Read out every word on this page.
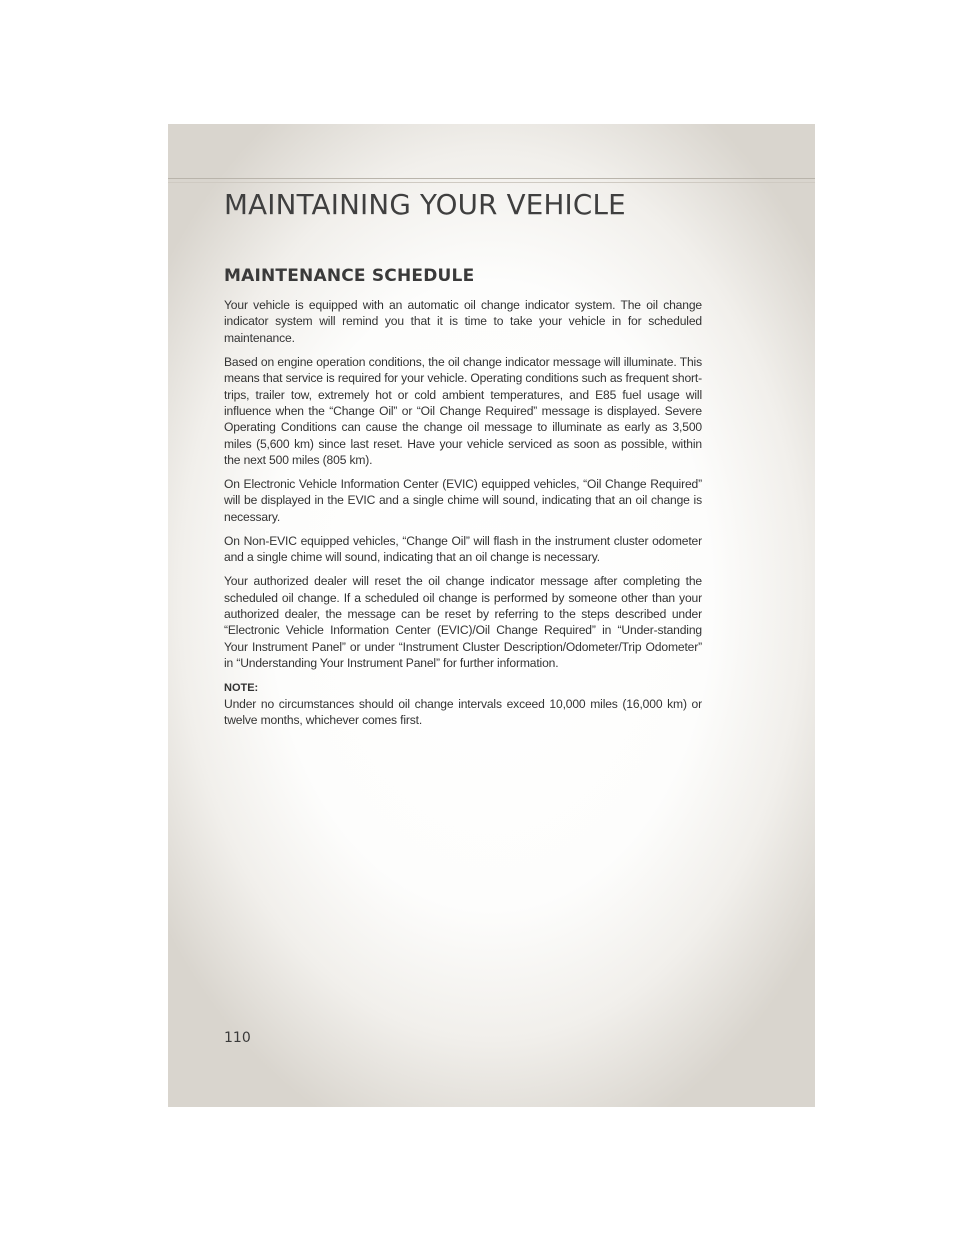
MAINTAINING YOUR VEHICLE
MAINTENANCE SCHEDULE

Your vehicle is equipped with an automatic oil change indicator system. The oil change indicator system will remind you that it is time to take your vehicle in for scheduled maintenance.

Based on engine operation conditions, the oil change indicator message will illuminate. This means that service is required for your vehicle. Operating conditions such as frequent short-trips, trailer tow, extremely hot or cold ambient temperatures, and E85 fuel usage will influence when the “Change Oil” or “Oil Change Required” message is displayed. Severe Operating Conditions can cause the change oil message to illuminate as early as 3,500 miles (5,600 km) since last reset. Have your vehicle serviced as soon as possible, within the next 500 miles (805 km).

On Electronic Vehicle Information Center (EVIC) equipped vehicles, “Oil Change Required” will be displayed in the EVIC and a single chime will sound, indicating that an oil change is necessary.

On Non-EVIC equipped vehicles, “Change Oil” will flash in the instrument cluster odometer and a single chime will sound, indicating that an oil change is necessary.

Your authorized dealer will reset the oil change indicator message after completing the scheduled oil change. If a scheduled oil change is performed by someone other than your authorized dealer, the message can be reset by referring to the steps described under “Electronic Vehicle Information Center (EVIC)/Oil Change Required” in “Under-standing Your Instrument Panel” or under “Instrument Cluster Description/Odometer/Trip Odometer” in “Understanding Your Instrument Panel” for further information.

NOTE:

Under no circumstances should oil change intervals exceed 10,000 miles (16,000 km) or twelve months, whichever comes first.

110
